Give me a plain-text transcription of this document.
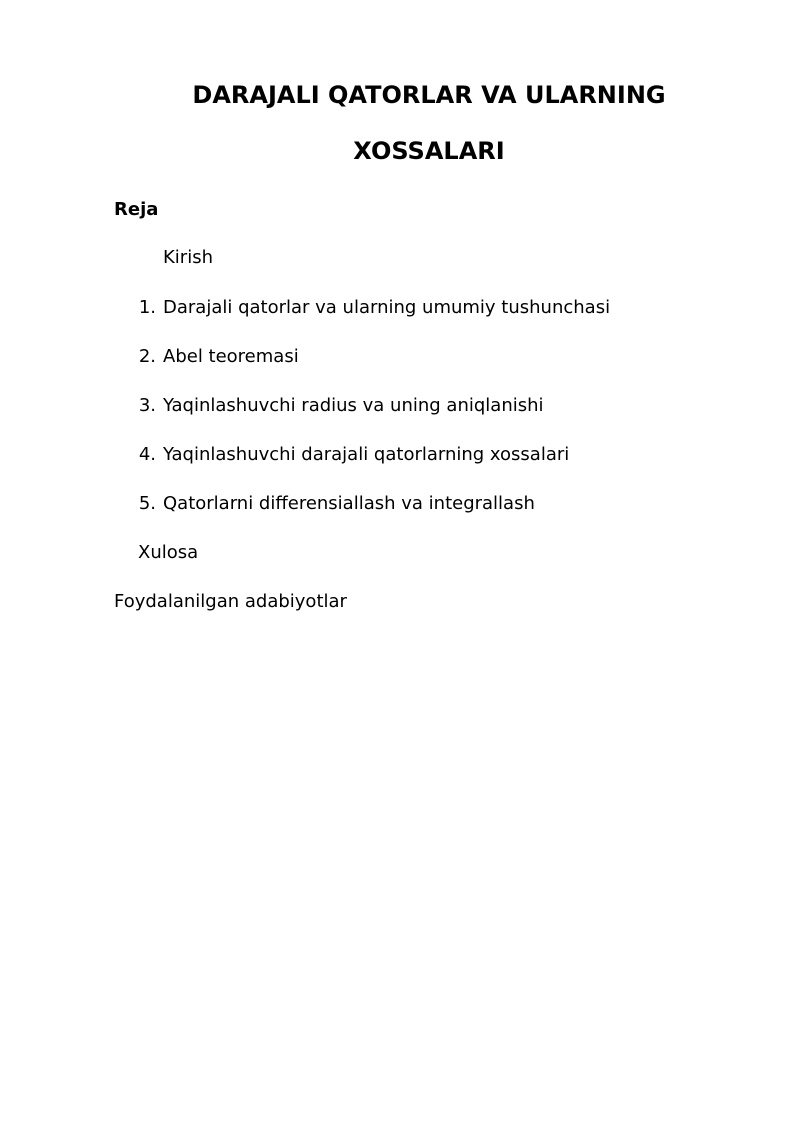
DARAJALI QATORLAR VA ULARNING
XOSSALARI

Reja

Kirish

1. Darajali qatorlar va ularning umumiy tushunchasi
2. Abel teoremasi
3. Yaqinlashuvchi radius va uning aniqlanishi
4. Yaqinlashuvchi darajali qatorlarning xossalari
5. Qatorlarni differensiallash va integrallash

Xulosa

Foydalanilgan adabiyotlar
